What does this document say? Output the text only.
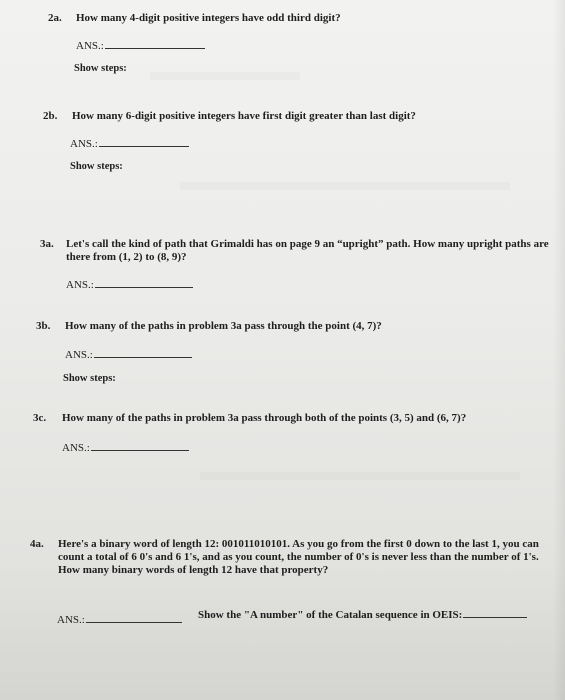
2a. How many 4-digit positive integers have odd third digit?
ANS.:
Show steps:
2b. How many 6-digit positive integers have first digit greater than last digit?
ANS.:
Show steps:
3a. Let's call the kind of path that Grimaldi has on page 9 an “upright” path. How many upright paths are there from (1, 2) to (8, 9)?
ANS.:
3b. How many of the paths in problem 3a pass through the point (4, 7)?
ANS.:
Show steps:
3c. How many of the paths in problem 3a pass through both of the points (3, 5) and (6, 7)?
ANS.:
4a. Here's a binary word of length 12: 001011010101. As you go from the first 0 down to the last 1, you can count a total of 6 0's and 6 1's, and as you count, the number of 0's is never less than the number of 1's. How many binary words of length 12 have that property?
ANS.:	Show the "A number" of the Catalan sequence in OEIS:
